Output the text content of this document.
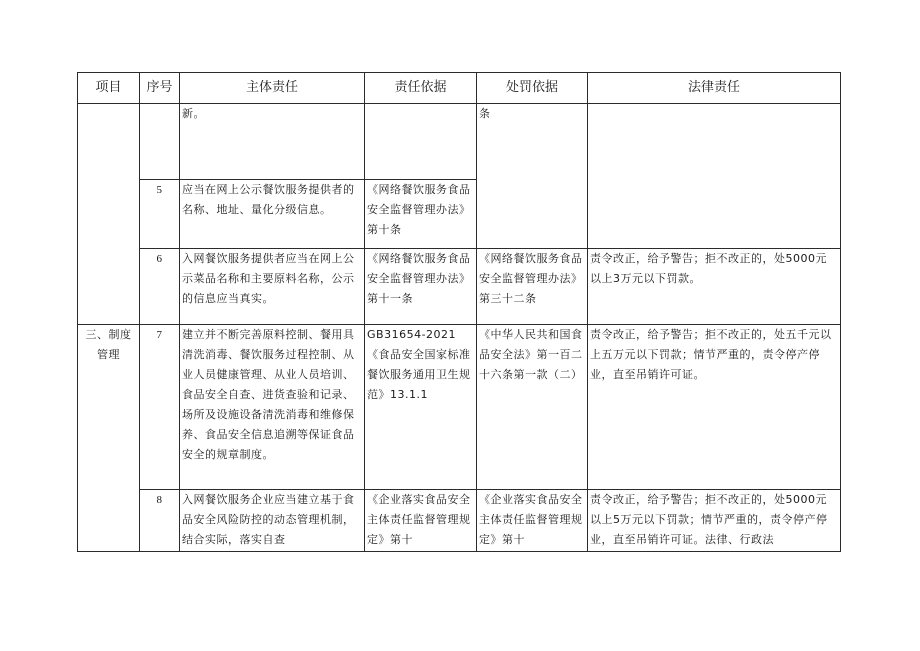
项目	序号	主体责任	责任依据	处罚依据	法律责任
		新。		条	
	5	应当在网上公示餐饮服务提供者的名称、地址、量化分级信息。	《网络餐饮服务食品安全监督管理办法》第十条		
	6	入网餐饮服务提供者应当在网上公示菜品名称和主要原料名称，公示的信息应当真实。	《网络餐饮服务食品安全监督管理办法》第十一条	《网络餐饮服务食品安全监督管理办法》第三十二条	责令改正，给予警告；拒不改正的，处5000元以上3万元以下罚款。
三、制度管理	7	建立并不断完善原料控制、餐用具清洗消毒、餐饮服务过程控制、从业人员健康管理、从业人员培训、食品安全自查、进货查验和记录、场所及设施设备清洗消毒和维修保养、食品安全信息追溯等保证食品安全的规章制度。	GB31654-2021《食品安全国家标准餐饮服务通用卫生规范》13.1.1	《中华人民共和国食品安全法》第一百二十六条第一款（二）	责令改正，给予警告；拒不改正的，处五千元以上五万元以下罚款；情节严重的，责令停产停业，直至吊销许可证。
	8	入网餐饮服务企业应当建立基于食品安全风险防控的动态管理机制，结合实际，落实自查	《企业落实食品安全主体责任监督管理规定》第十	《企业落实食品安全主体责任监督管理规定》第十	责令改正，给予警告；拒不改正的，处5000元以上5万元以下罚款；情节严重的，责令停产停业，直至吊销许可证。法律、行政法
